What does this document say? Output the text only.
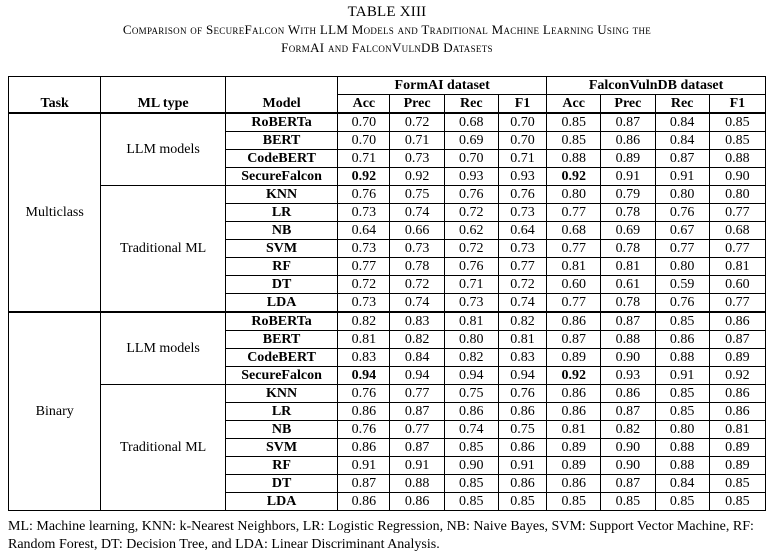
TABLE XIII
Comparison of SecureFalcon With LLM Models and Traditional Machine Learning Using the
FormAI and FalconVulnDB Datasets
Task	ML type	Model	FormAI dataset				FalconVulnDB dataset			
			Acc	Prec	Rec	F1	Acc	Prec	Rec	F1
Multiclass	LLM models	RoBERTa	0.70	0.72	0.68	0.70	0.85	0.87	0.84	0.85
		BERT	0.70	0.71	0.69	0.70	0.85	0.86	0.84	0.85
		CodeBERT	0.71	0.73	0.70	0.71	0.88	0.89	0.87	0.88
		SecureFalcon	0.92	0.92	0.93	0.93	0.92	0.91	0.91	0.90
	Traditional ML	KNN	0.76	0.75	0.76	0.76	0.80	0.79	0.80	0.80
		LR	0.73	0.74	0.72	0.73	0.77	0.78	0.76	0.77
		NB	0.64	0.66	0.62	0.64	0.68	0.69	0.67	0.68
		SVM	0.73	0.73	0.72	0.73	0.77	0.78	0.77	0.77
		RF	0.77	0.78	0.76	0.77	0.81	0.81	0.80	0.81
		DT	0.72	0.72	0.71	0.72	0.60	0.61	0.59	0.60
		LDA	0.73	0.74	0.73	0.74	0.77	0.78	0.76	0.77
Binary	LLM models	RoBERTa	0.82	0.83	0.81	0.82	0.86	0.87	0.85	0.86
		BERT	0.81	0.82	0.80	0.81	0.87	0.88	0.86	0.87
		CodeBERT	0.83	0.84	0.82	0.83	0.89	0.90	0.88	0.89
		SecureFalcon	0.94	0.94	0.94	0.94	0.92	0.93	0.91	0.92
	Traditional ML	KNN	0.76	0.77	0.75	0.76	0.86	0.86	0.85	0.86
		LR	0.86	0.87	0.86	0.86	0.86	0.87	0.85	0.86
		NB	0.76	0.77	0.74	0.75	0.81	0.82	0.80	0.81
		SVM	0.86	0.87	0.85	0.86	0.89	0.90	0.88	0.89
		RF	0.91	0.91	0.90	0.91	0.89	0.90	0.88	0.89
		DT	0.87	0.88	0.85	0.86	0.86	0.87	0.84	0.85
		LDA	0.86	0.86	0.85	0.85	0.85	0.85	0.85	0.85
ML: Machine learning, KNN: k-Nearest Neighbors, LR: Logistic Regression, NB: Naive Bayes, SVM: Support Vector Machine, RF: Random Forest, DT: Decision Tree, and LDA: Linear Discriminant Analysis.
